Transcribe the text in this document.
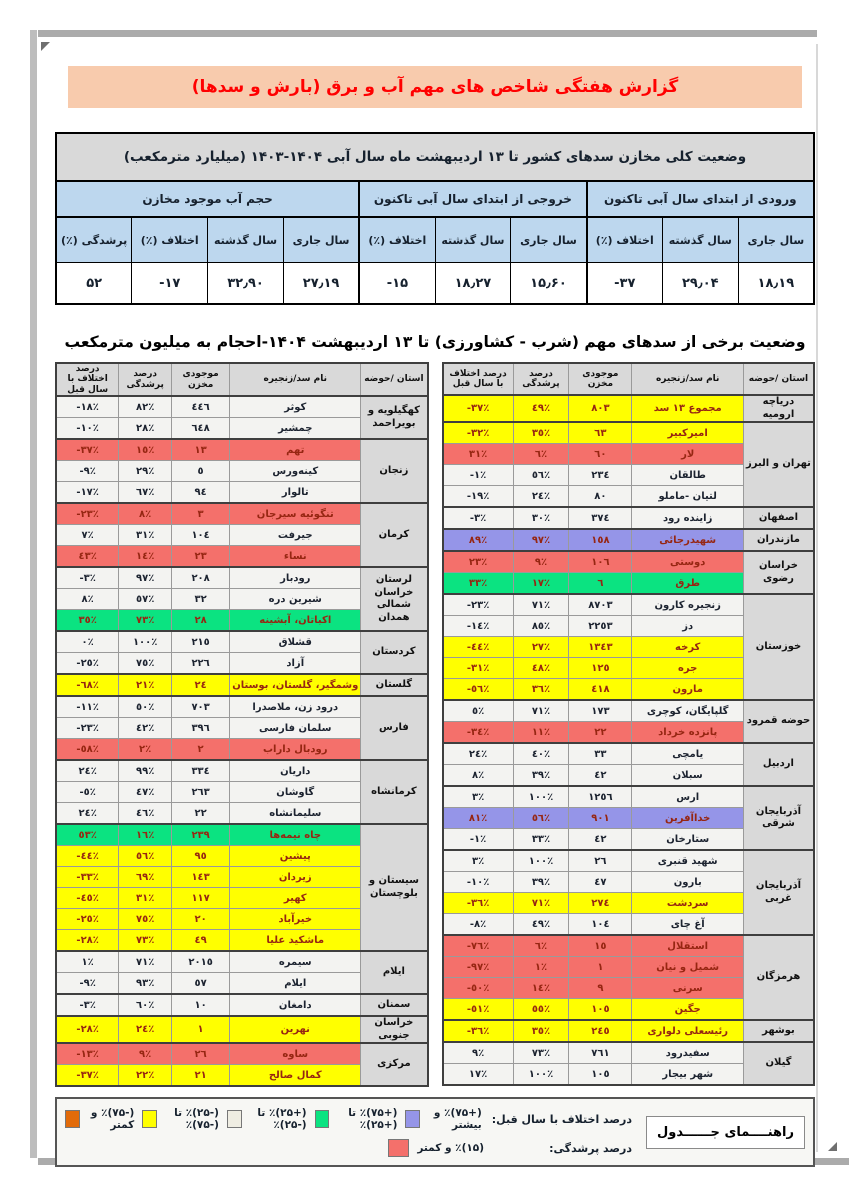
گزارش هفتگی شاخص های مهم آب و برق (بارش و سدها)
وضعیت کلی مخازن سدهای کشور تا ۱۳ اردیبهشت ماه سال آبی ۱۴۰۴-۱۴۰۳ (میلیارد مترمکعب)									
ورودی از ابتدای سال آبی تاکنون			خروجی از ابتدای سال آبی تاکنون			حجم آب موجود مخازن			
سال جاری	سال گذشته	اختلاف (٪)	سال جاری	سال گذشته	اختلاف (٪)	سال جاری	سال گذشته	اختلاف (٪)	پرشدگی (٪)
۱۸٫۱۹	۲۹٫۰۴	-۳۷	۱۵٫۶۰	۱۸٫۲۷	-۱۵	۲۷٫۱۹	۳۲٫۹۰	-۱۷	۵۲
وضعیت برخی از سدهای مهم (شرب - کشاورزی) تا ۱۳ اردیبهشت ۱۴۰۴-احجام به میلیون مترمکعب
استان /حوضه	نام سد/زنجیره	موجودی مخزن	درصد پرشدگی	درصد اختلاف با سال قبل

دریاچه ارومیه	مجموع ١٣ سد	٨٠٣	٤٩٪	-٣٧٪

تهران و البرز	امیرکبیر	٦٣	٣٥٪	-٣٢٪
	لار	٦٠	٦٪	٣١٪
	طالقان	٢٣٤	٥٦٪	-١٪
	لتیان -ماملو	٨٠	٢٤٪	-١٩٪

اصفهان	زاینده رود	٣٧٤	٣٠٪	-٣٪

مازندران	شهیدرجائی	١٥٨	٩٧٪	٨٩٪

خراسان رضوی	دوستی	١٠٦	٩٪	٢٣٪
	طرق	٦	١٧٪	٣٣٪

خوزستان	زنجیره کارون	٨٧٠٣	٧١٪	-٢٣٪
	دز	٢٢٥٣	٨٥٪	-١٤٪
	کرخه	١٣٤٣	٢٧٪	-٤٤٪
	جره	١٢٥	٤٨٪	-٣١٪
	مارون	٤١٨	٣٦٪	-٥٦٪

حوضه قمرود	گلپایگان، کوچری	١٧٣	٧١٪	٥٪
	پانزده خرداد	٢٢	١١٪	-٣٤٪

اردبیل	یامچی	٣٣	٤٠٪	٢٤٪
	سبلان	٤٢	٣٩٪	٨٪

آذربایجان شرقی	ارس	١٢٥٦	١٠٠٪	٣٪
	خداآفرین	٩٠١	٥٦٪	٨١٪
	ستارخان	٤٢	٣٣٪	-١٪

آذربایجان غربی	شهید قنبری	٢٦	١٠٠٪	٣٪
	بارون	٤٧	٣٩٪	-١٠٪
	سردشت	٢٧٤	٧١٪	-٣٦٪
	آغ چای	١٠٤	٤٩٪	-٨٪

هرمزگان	استقلال	١٥	٦٪	-٧٦٪
	شمیل و نیان	١	١٪	-٩٧٪
	سرنی	٩	١٤٪	-٥٠٪
	جگین	١٠٥	٥٥٪	-٥١٪

بوشهر	رئیسعلی دلواری	٢٤٥	٣٥٪	-٣٦٪

گیلان	سفیدرود	٧٦١	٧٣٪	٩٪
	شهر بیجار	١٠٥	١٠٠٪	١٧٪
استان /حوضه	نام سد/زنجیره	موجودی مخزن	درصد پرشدگی	درصد اختلاف با سال قبل

کهگیلویه و بویراحمد	کوثر	٤٤٦	٨٢٪	-١٨٪
	چمشیر	٦٤٨	٢٨٪	-١٠٪

زنجان	تهم	١٣	١٥٪	-٣٧٪
	کینه‌ورس	٥	٢٩٪	-٩٪
	تالوار	٩٤	٦٧٪	-١٧٪

کرمان	تنگوئیه سیرجان	٣	٨٪	-٢٣٪
	جیرفت	١٠٤	٣١٪	٧٪
	نساء	٢٣	١٤٪	٤٣٪

لرستان
خراسان شمالی
همدان	رودبار	٢٠٨	٩٧٪	-٣٪
	شیرین دره	٣٢	٥٧٪	٨٪
	اکباتان، آبشینه	٢٨	٧٣٪	٣٥٪

کردستان	قشلاق	٢١٥	١٠٠٪	٠٪
	آزاد	٢٢٦	٧٥٪	-٢٥٪

گلستان	وشمگیر، گلستان، بوستان	٢٤	٢١٪	-٦٨٪

فارس	درود زن، ملاصدرا	٧٠٣	٥٠٪	-١١٪
	سلمان فارسی	٣٩٦	٤٢٪	-٢٣٪
	رودبال داراب	٢	٢٪	-٥٨٪

کرمانشاه	داریان	٣٣٤	٩٩٪	٢٤٪
	گاوشان	٢٦٣	٤٧٪	-٥٪
	سلیمانشاه	٢٢	٤٦٪	٢٤٪

سیستان و بلوچستان	چاه نیمه‌ها	٢٣٩	١٦٪	٥٣٪
	پیشین	٩٥	٥٦٪	-٤٤٪
	زیردان	١٤٣	٦٩٪	-٣٣٪
	کهیر	١١٧	٣١٪	-٤٥٪
	خیرآباد	٢٠	٧٥٪	-٢٥٪
	ماشکید علیا	٤٩	٧٣٪	-٢٨٪

ایلام	سیمره	٢٠١٥	٧١٪	١٪
	ایلام	٥٧	٩٣٪	-٩٪

سمنان	دامغان	١٠	٦٠٪	-٣٪

خراسان جنوبی	نهرین	١	٢٤٪	-٢٨٪

مرکزی	ساوه	٢٦	٩٪	-١٣٪
	کمال صالح	٢١	٢٢٪	-٣٧٪
راهنــــمای جــــــدول
درصد اختلاف با سال قبل:
(+۷۵)٪ و بیشتر
(+۷۵)٪ تا (+۲۵)٪
(+۲۵)٪ تا (-۲۵)٪
(-۲۵)٪ تا (-۷۵)٪
(-۷۵)٪ و کمتر
درصد پرشدگی:
(۱۵)٪ و کمتر
